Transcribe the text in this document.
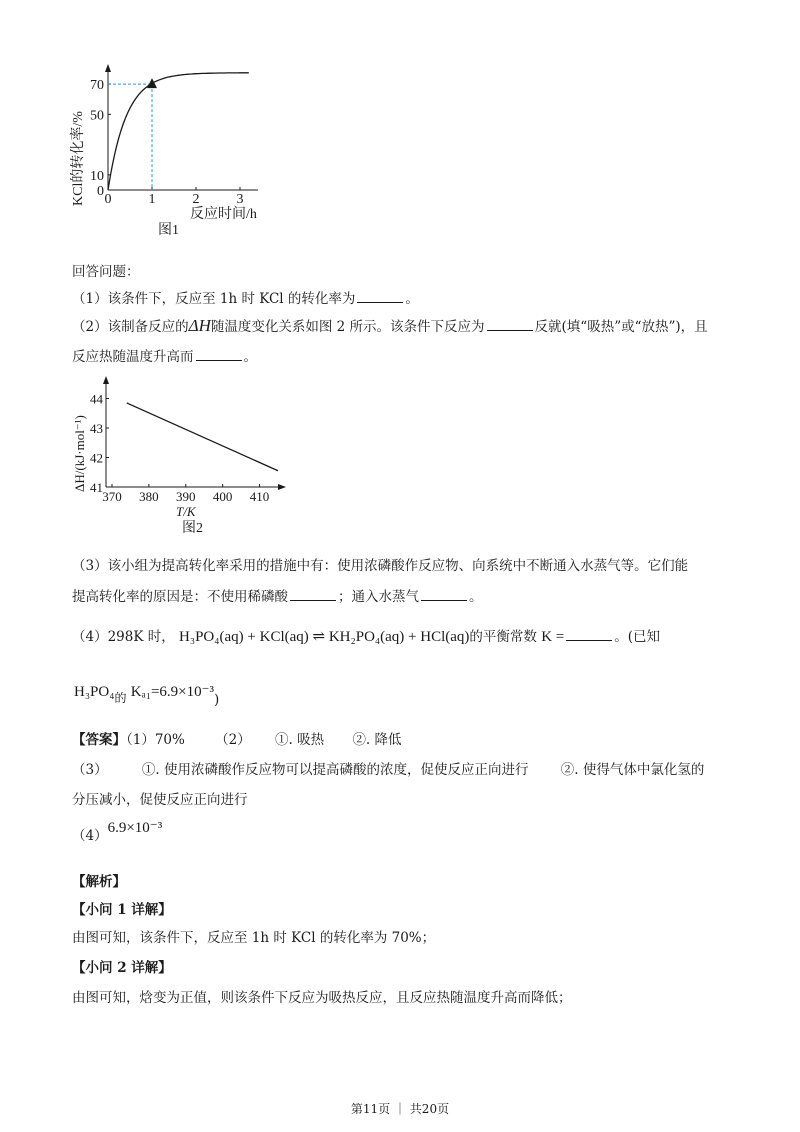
KCl的转化率/% 0
10
50
70
0	1	2	3
反应时间/h
图1
回答问题：
（1）该条件下，反应至 1h 时 KCl 的转化率为	。
（2）该制备反应的ΔH随温度变化关系如图 2 所示。该条件下反应为	反就(填“吸热”或“放热”)，且
反应热随温度升高而	。
ΔH/(kJ·mol⁻¹) 41
42
43
44
370 380 390 400 410
T/K
图2
（3）该小组为提高转化率采用的措施中有：使用浓磷酸作反应物、向系统中不断通入水蒸气等。它们能
提高转化率的原因是：不使用稀磷酸	；通入水蒸气	。
（4）298K 时， H₃PO₄(aq) + KCl(aq) ⇌ KH₂PO₄(aq) + HCl(aq)的平衡常数 K =	。(已知
H₃PO₄的 Kₐ₁=6.9×10⁻³)
【答案】（1）70% （2） ①. 吸热 ②. 降低
（3）	①. 使用浓磷酸作反应物可以提高磷酸的浓度，促使反应正向进行 ②. 使得气体中氯化氢的
分压减小，促使反应正向进行
（4）6.9×10⁻³
【解析】
【小问 1 详解】
由图可知，该条件下，反应至 1h 时 KCl 的转化率为 70%；
【小问 2 详解】
由图可知，焓变为正值，则该条件下反应为吸热反应，且反应热随温度升高而降低；
第11页 ｜ 共20页
